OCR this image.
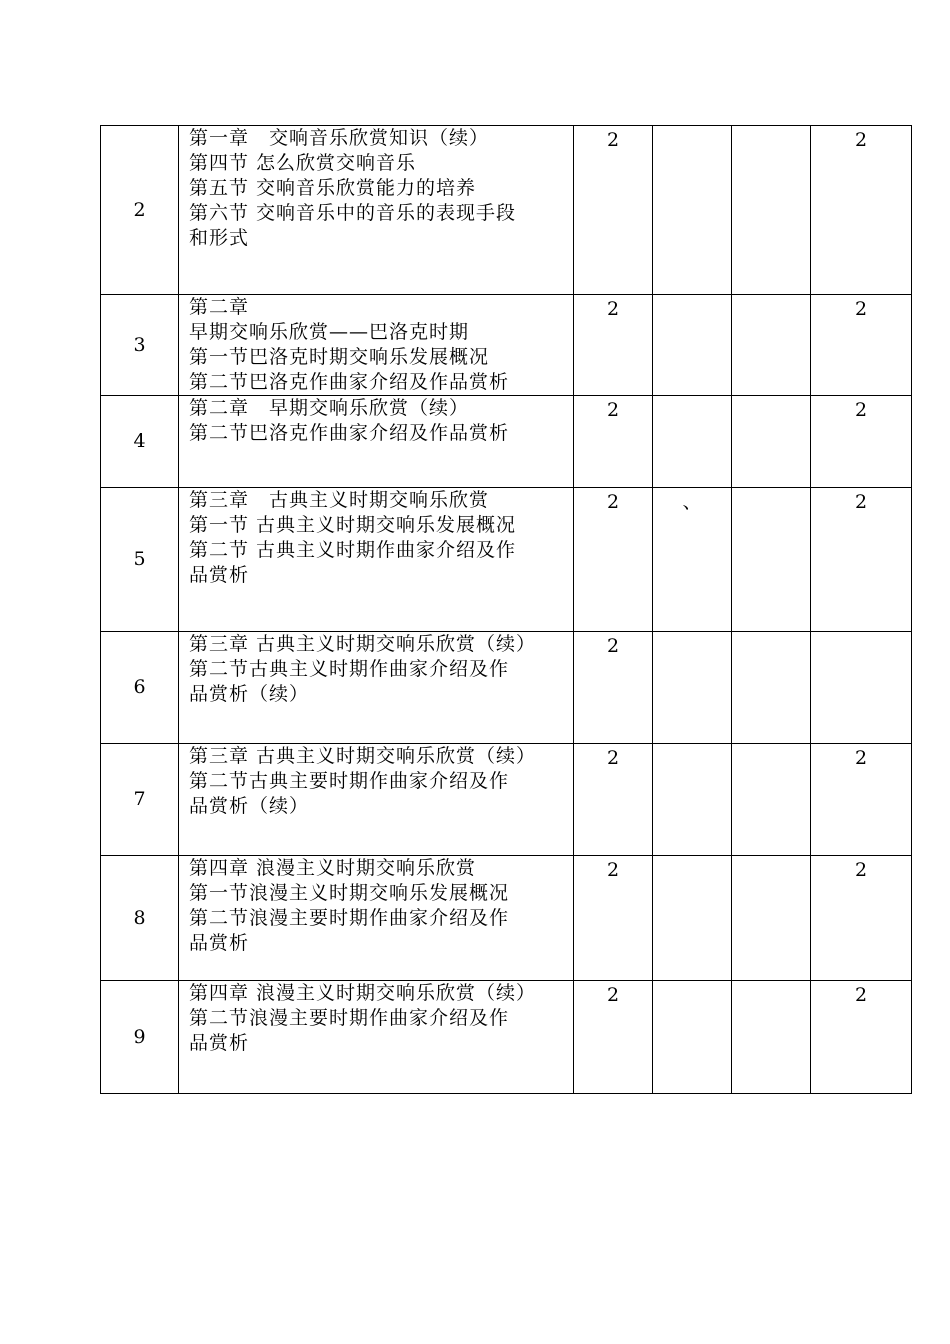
2	第一章　交响音乐欣赏知识（续）
第四节 怎么欣赏交响音乐
第五节 交响音乐欣赏能力的培养
第六节 交响音乐中的音乐的表现手段
和形式	2			2
3	第二章
早期交响乐欣赏——巴洛克时期
第一节巴洛克时期交响乐发展概况
第二节巴洛克作曲家介绍及作品赏析	2			2
4	第二章　早期交响乐欣赏（续）
第二节巴洛克作曲家介绍及作品赏析	2			2
5	第三章　古典主义时期交响乐欣赏
第一节 古典主义时期交响乐发展概况
第二节 古典主义时期作曲家介绍及作
品赏析	2	、		2
6	第三章 古典主义时期交响乐欣赏（续）
第二节古典主义时期作曲家介绍及作
品赏析（续）	2			
7	第三章 古典主义时期交响乐欣赏（续）
第二节古典主要时期作曲家介绍及作
品赏析（续）	2			2
8	第四章 浪漫主义时期交响乐欣赏
第一节浪漫主义时期交响乐发展概况
第二节浪漫主要时期作曲家介绍及作
品赏析	2			2
9	第四章 浪漫主义时期交响乐欣赏（续）
第二节浪漫主要时期作曲家介绍及作
品赏析	2			2
